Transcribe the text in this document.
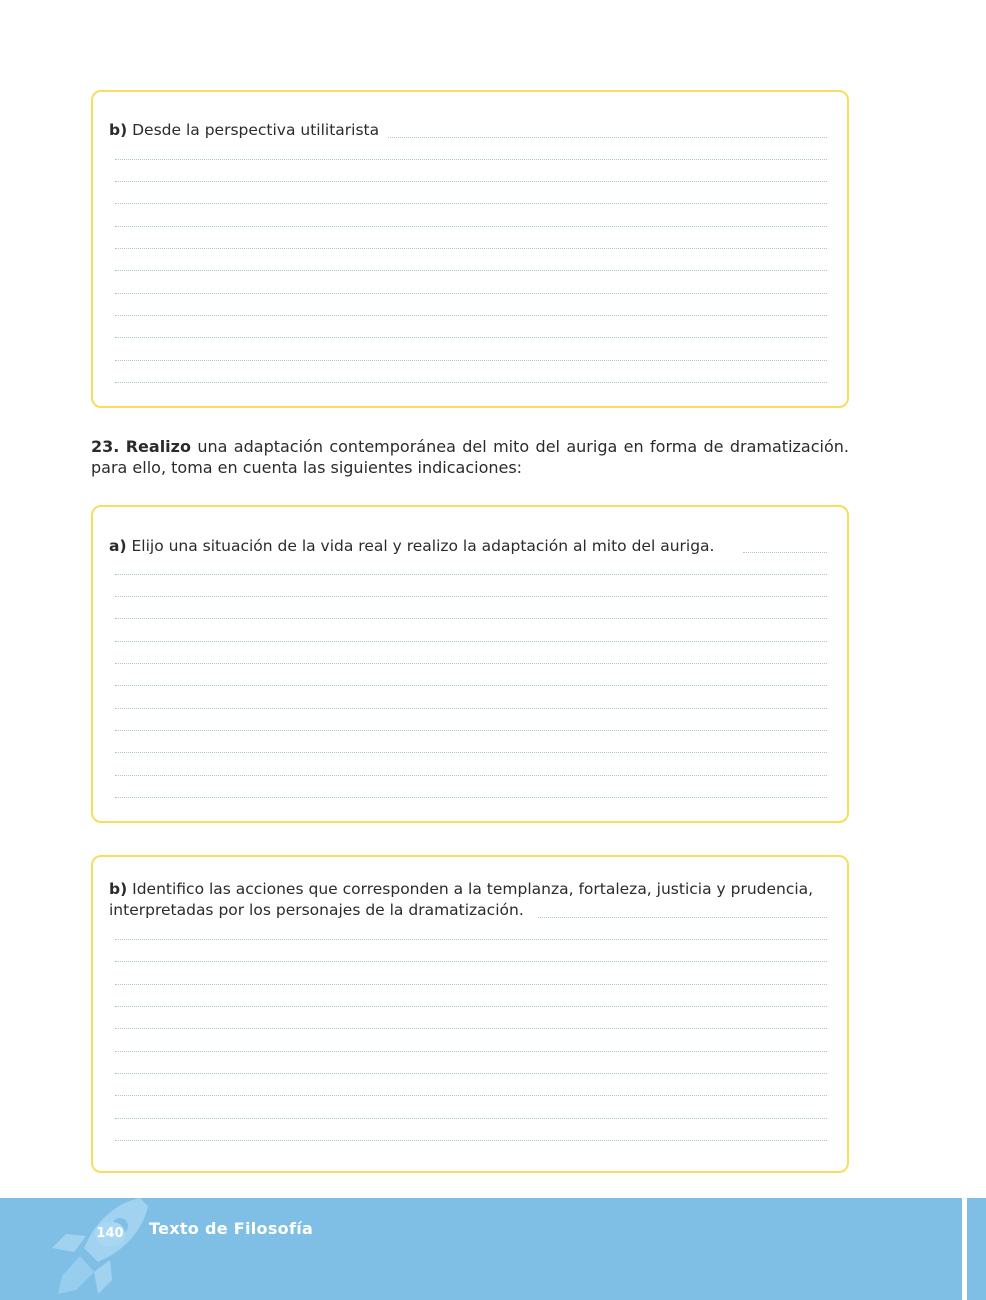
b) Desde la perspectiva utilitarista
23. Realizo una adaptación contemporánea del mito del auriga en forma de dramatización. para ello, toma en cuenta las siguientes indicaciones:
a) Elijo una situación de la vida real y realizo la adaptación al mito del auriga.
b) Identifico las acciones que corresponden a la templanza, fortaleza, justicia y prudencia, interpretadas por los personajes de la dramatización.
140 Texto de Filosofía
